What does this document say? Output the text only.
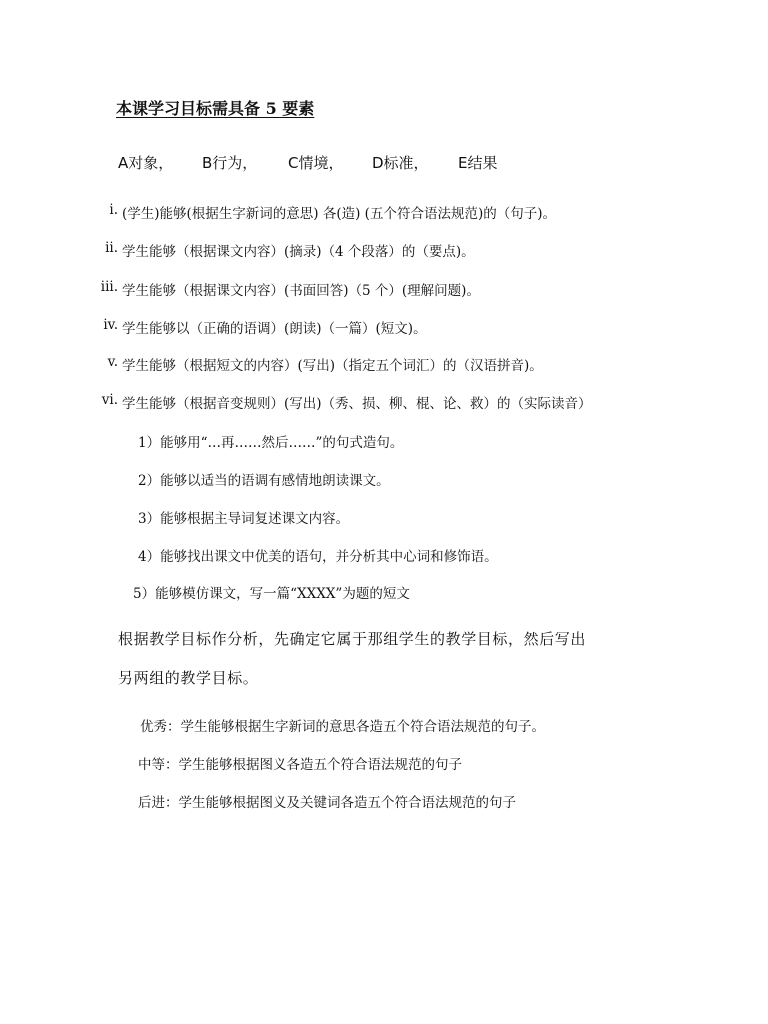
本课学习目标需具备 5 要素
A对象， B行为， C情境， D标准， E结果
i. (学生)能够(根据生字新词的意思) 各(造) (五个符合语法规范)的（句子)。
ii. 学生能够（根据课文内容）(摘录)（4 个段落）的（要点)。
iii. 学生能够（根据课文内容）(书面回答)（5 个）(理解问题)。
iv. 学生能够以（正确的语调）(朗读)（一篇）(短文)。
v. 学生能够（根据短文的内容）(写出)（指定五个词汇）的（汉语拼音)。
vi. 学生能够（根据音变规则）(写出)（秀、损、柳、棍、论、救）的（实际读音）
1）能够用“…再……然后……”的句式造句。
2）能够以适当的语调有感情地朗读课文。
3）能够根据主导词复述课文内容。
4）能够找出课文中优美的语句，并分析其中心词和修饰语。
5）能够模仿课文，写一篇“XXXX”为题的短文
根据教学目标作分析，先确定它属于那组学生的教学目标，然后写出
另两组的教学目标。
优秀：学生能够根据生字新词的意思各造五个符合语法规范的句子。
中等：学生能够根据图义各造五个符合语法规范的句子
后进：学生能够根据图义及关键词各造五个符合语法规范的句子
